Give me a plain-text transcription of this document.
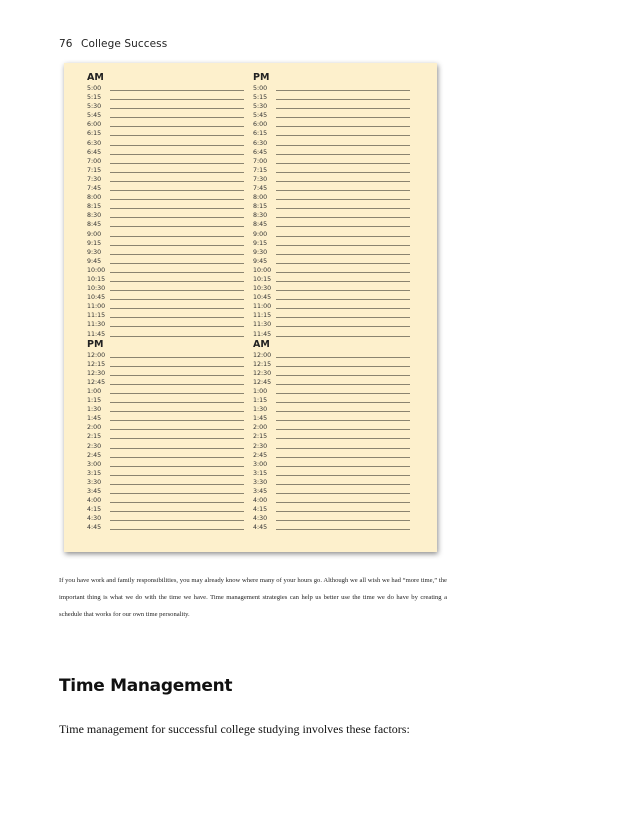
76 College Success
AM
5:00
5:15
5:30
5:45
6:00
6:15
6:30
6:45
7:00
7:15
7:30
7:45
8:00
8:15
8:30
8:45
9:00
9:15
9:30
9:45
10:00
10:15
10:30
10:45
11:00
11:15
11:30
11:45
PM
12:00
12:15
12:30
12:45
1:00
1:15
1:30
1:45
2:00
2:15
2:30
2:45
3:00
3:15
3:30
3:45
4:00
4:15
4:30
4:45
PM
5:00
5:15
5:30
5:45
6:00
6:15
6:30
6:45
7:00
7:15
7:30
7:45
8:00
8:15
8:30
8:45
9:00
9:15
9:30
9:45
10:00
10:15
10:30
10:45
11:00
11:15
11:30
11:45
AM
12:00
12:15
12:30
12:45
1:00
1:15
1:30
1:45
2:00
2:15
2:30
2:45
3:00
3:15
3:30
3:45
4:00
4:15
4:30
4:45
If you have work and family responsibilities, you may already know where many of your hours go. Although we all wish we had “more time,” the important thing is what we do with the time we have. Time management strategies can help us better use the time we do have by creating a schedule that works for our own time personality.
Time Management
Time management for successful college studying involves these factors:
